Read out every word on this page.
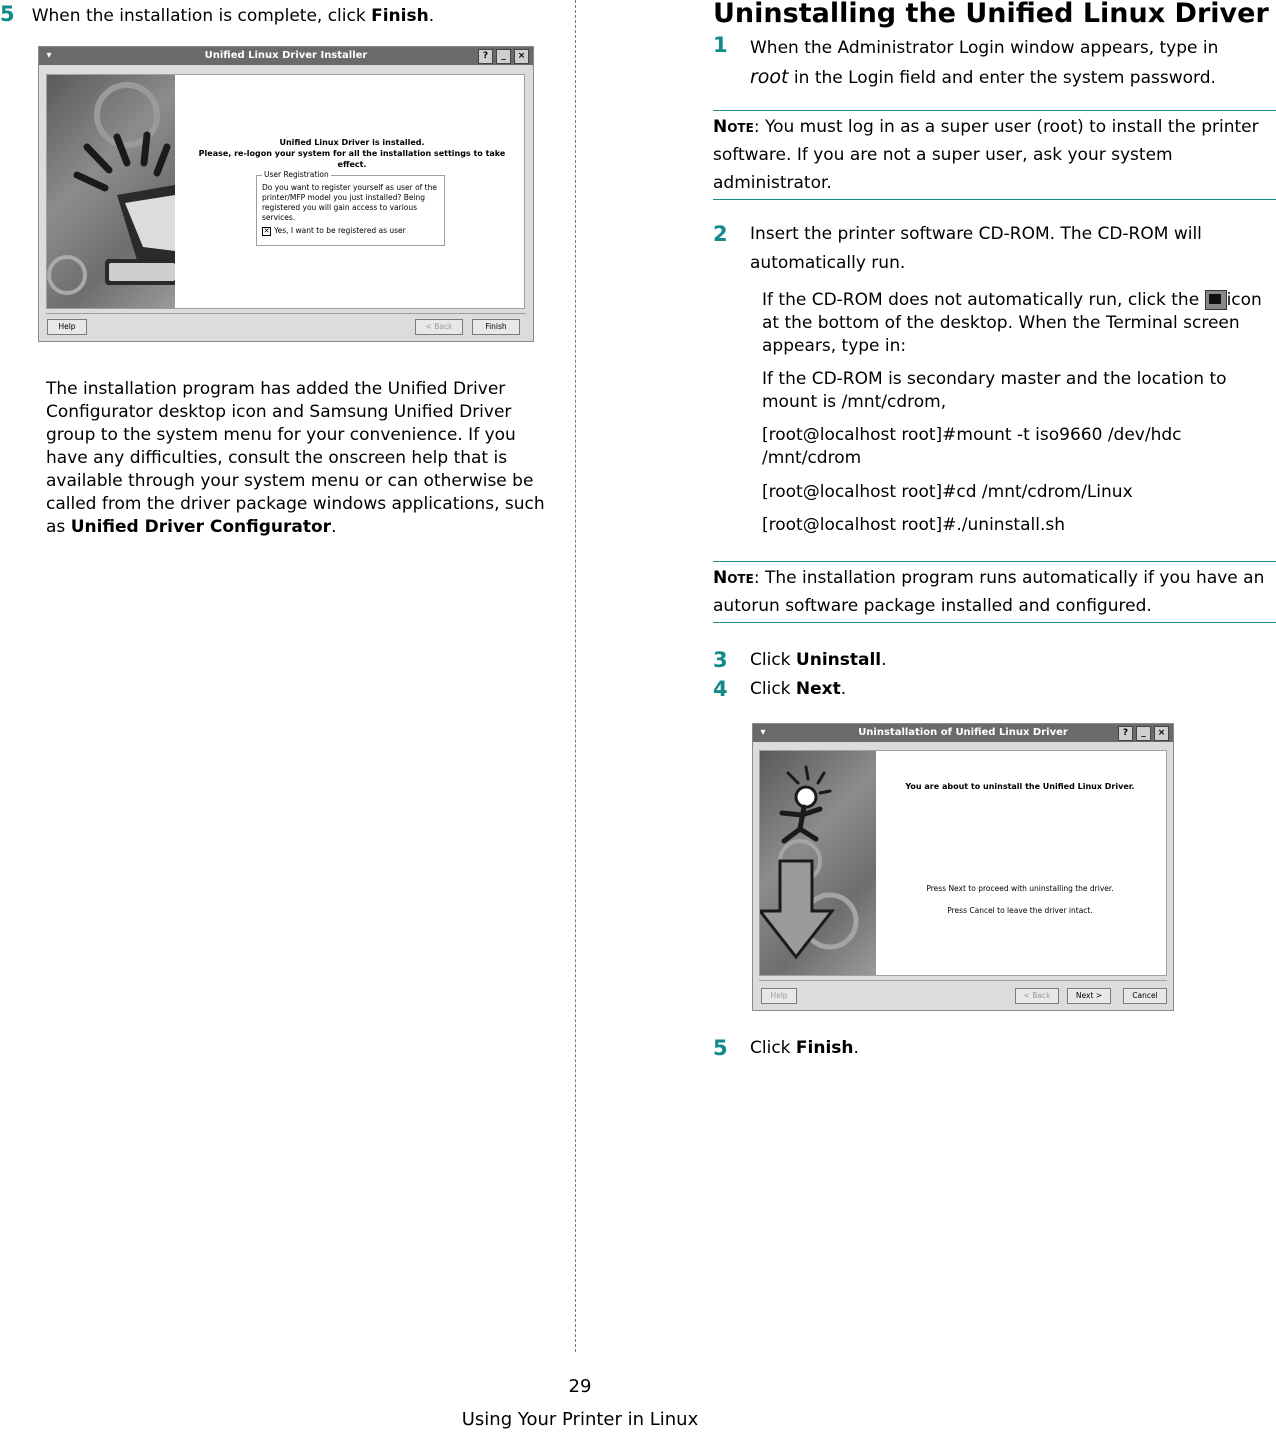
5 When the installation is complete, click Finish.
▾	Unified Linux Driver Installer	?	_	×
Unified Linux Driver is installed.
Please, re-logon your system for all the installation settings to take effect.
User Registration
Do you want to register yourself as user of the printer/MFP model you just installed? Being registered you will gain access to various services.
✕ Yes, I want to be registered as user
Help	< Back	Finish
The installation program has added the Unified Driver Configurator desktop icon and Samsung Unified Driver group to the system menu for your convenience. If you have any difficulties, consult the onscreen help that is available through your system menu or can otherwise be called from the driver package windows applications, such as Unified Driver Configurator.
Uninstalling the Unified Linux Driver
1 When the Administrator Login window appears, type in
root in the Login field and enter the system password.
Note: You must log in as a super user (root) to install the printer software. If you are not a super user, ask your system administrator.
2 Insert the printer software CD-ROM. The CD-ROM will automatically run.
If the CD-ROM does not automatically run, click the
icon at the bottom of the desktop. When the Terminal screen appears, type in:
If the CD-ROM is secondary master and the location to mount is /mnt/cdrom,
[root@localhost root]#mount -t iso9660 /dev/hdc /mnt/cdrom
[root@localhost root]#cd /mnt/cdrom/Linux
[root@localhost root]#./uninstall.sh
Note: The installation program runs automatically if you have an autorun software package installed and configured.
3 Click Uninstall.
4 Click Next.
▾	Uninstallation of Unified Linux Driver	?	_	×
You are about to uninstall the Unified Linux Driver.
Press Next to proceed with uninstalling the driver.
Press Cancel to leave the driver intact.
Help	< Back	Next >	Cancel
5 Click Finish.
29
Using Your Printer in Linux
